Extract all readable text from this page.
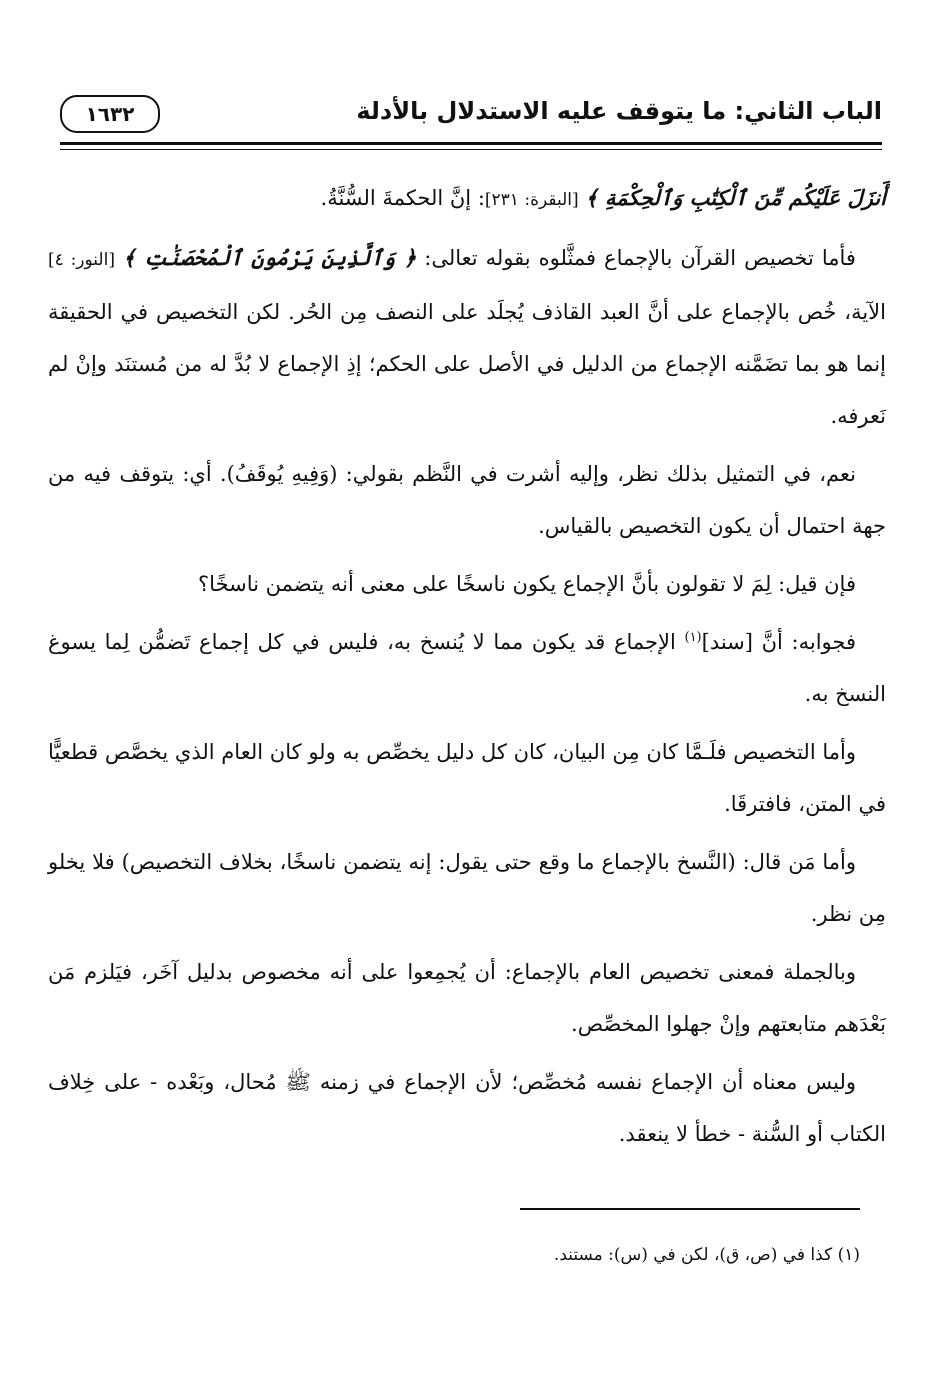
الباب الثاني: ما يتوقف عليه الاستدلال بالأدلة
١٦٣٢

أَنزَلَ عَلَيْكُم مِّنَ ٱلْكِتَٰبِ وَٱلْحِكْمَةِ ﴾ [البقرة: ٢٣١]: إنَّ الحكمةَ السُّنَّةُ.

فأما تخصيص القرآن بالإجماع فمثَّلوه بقوله تعالى: ﴿ وَٱلَّذِينَ يَرْمُونَ ٱلْمُحْصَنَٰتِ ﴾ [النور: ٤] الآية، خُص بالإجماع على أنَّ العبد القاذف يُجلَد على النصف مِن الحُر. لكن التخصيص في الحقيقة إنما هو بما تضَمَّنه الإجماع من الدليل في الأصل على الحكم؛ إذِ الإجماع لا بُدَّ له من مُستنَد وإنْ لم نَعرفه.

نعم، في التمثيل بذلك نظر، وإليه أشرت في النَّظم بقولي: (وَفِيهِ يُوقَفُ). أي: يتوقف فيه من جهة احتمال أن يكون التخصيص بالقياس.

فإن قيل: لِمَ لا تقولون بأنَّ الإجماع يكون ناسخًا على معنى أنه يتضمن ناسخًا؟

فجوابه: أنَّ [سند]$^{(١)}$ الإجماع قد يكون مما لا يُنسخ به، فليس في كل إجماع تَضمُّن لِما يسوغ النسخ به.

وأما التخصيص فلَـمَّا كان مِن البيان، كان كل دليل يخصِّص به ولو كان العام الذي يخصَّص قطعيًّا في المتن، فافترقَا.

وأما مَن قال: (النَّسخ بالإجماع ما وقع حتى يقول: إنه يتضمن ناسخًا، بخلاف التخصيص) فلا يخلو مِن نظر.

وبالجملة فمعنى تخصيص العام بالإجماع: أن يُجمِعوا على أنه مخصوص بدليل آخَر، فيَلزم مَن بَعْدَهم متابعتهم وإنْ جهلوا المخصِّص.

وليس معناه أن الإجماع نفسه مُخصِّص؛ لأن الإجماع في زمنه ﷺ مُحال، وبَعْده - على خِلاف الكتاب أو السُّنة - خطأ لا ينعقد.

(١) كذا في (ص، ق)، لكن في (س): مستند.
